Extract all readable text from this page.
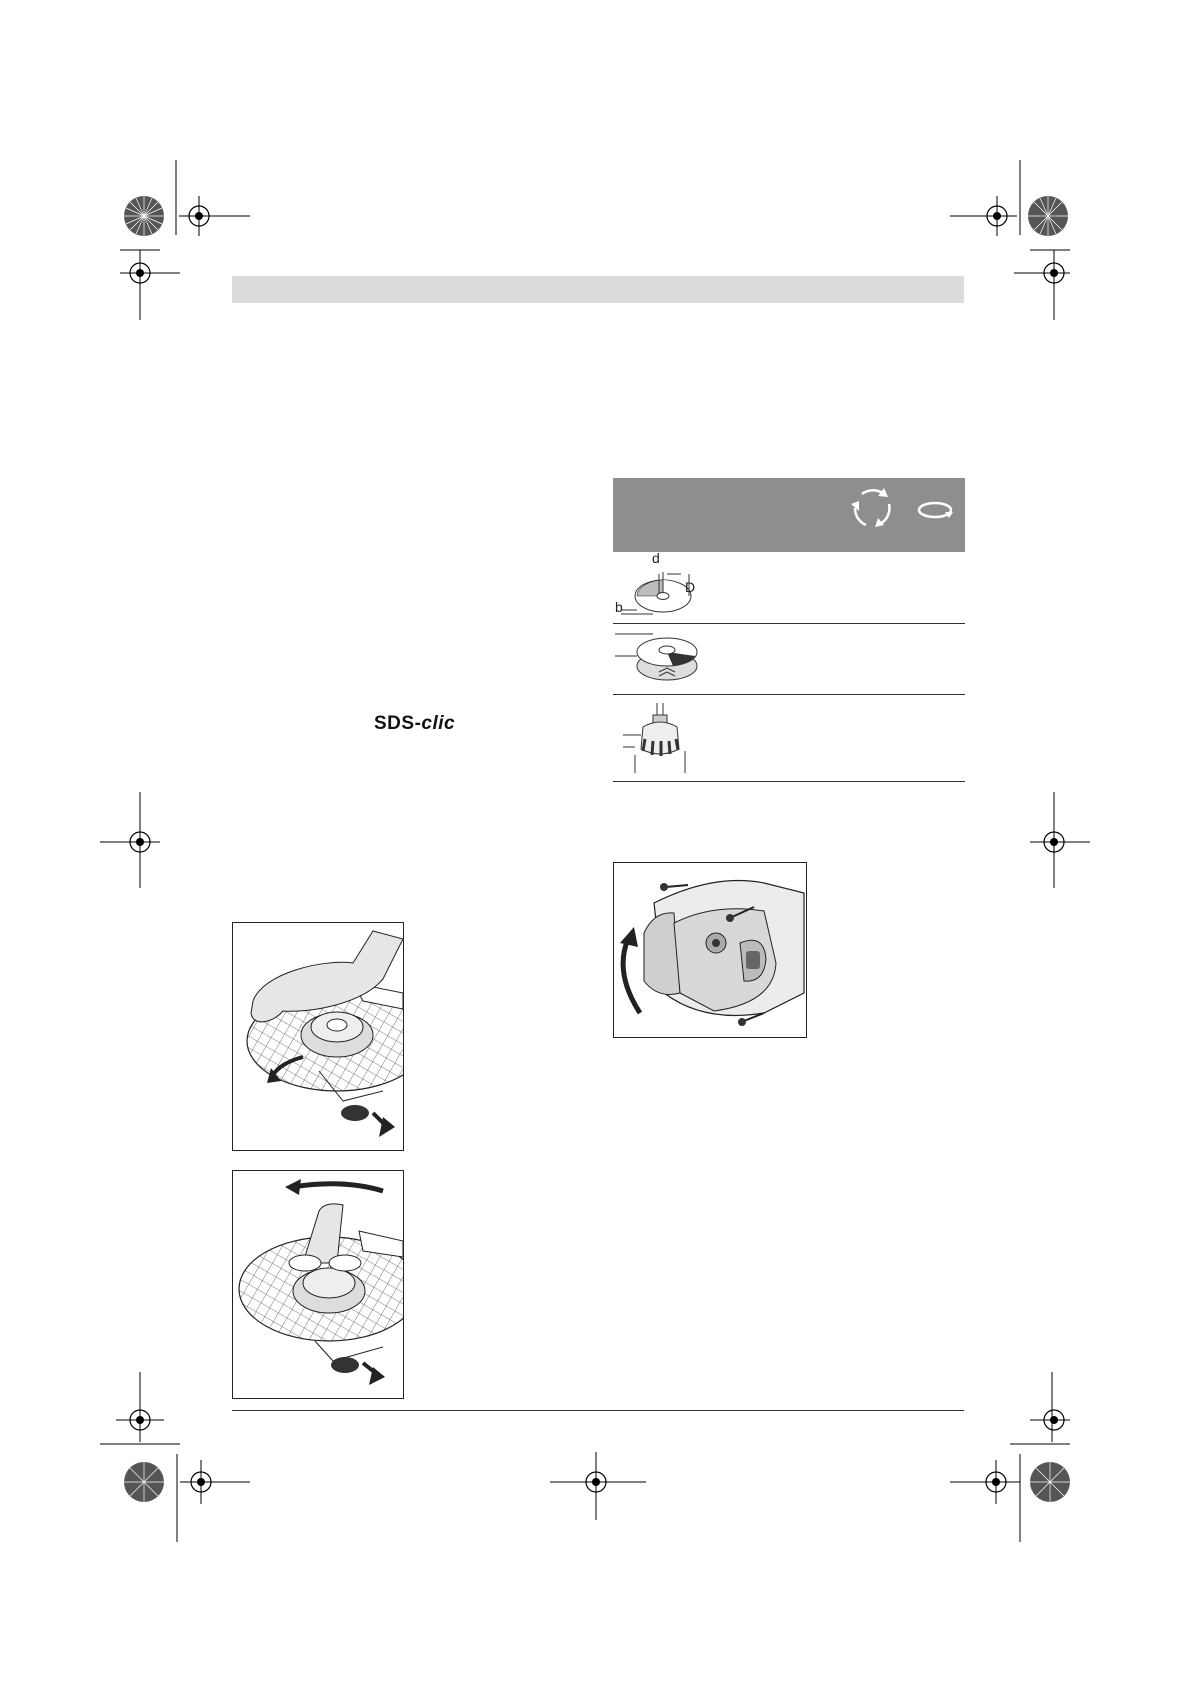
SDS-clic
d
D
b
